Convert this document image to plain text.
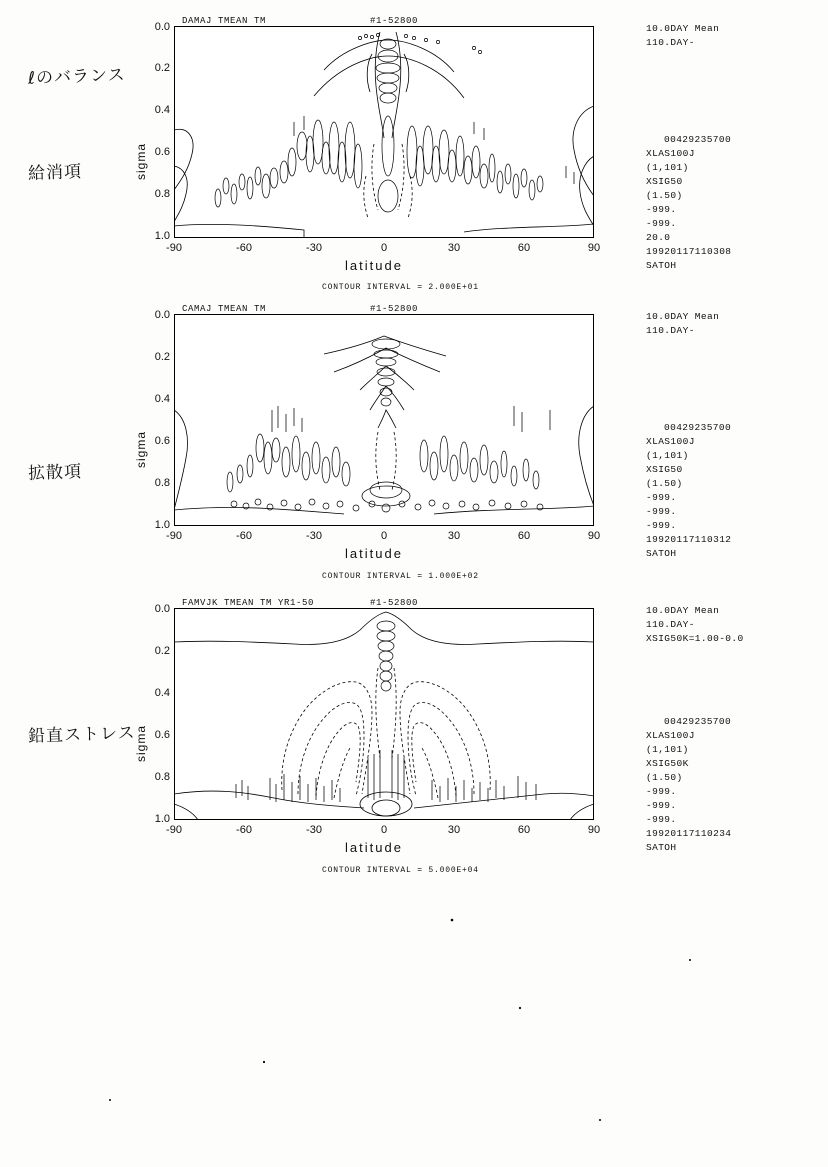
ℓのバランス
給消項
DAMAJ TMEAN TM	#1-52800
0.0
0.2
0.4
0.6
0.8
1.0
sigma
-90	-60	-30	0	30	60	90
latitude
CONTOUR INTERVAL = 2.000E+01
10.0DAY Mean
110.DAY-
00429235700
XLAS100J
(1,101)
XSIG50
(1.50)
-999.
-999.
20.0
19920117110308
SATOH
拡散項
CAMAJ TMEAN TM	#1-52800
0.0
0.2
0.4
0.6
0.8
1.0
sigma
-90	-60	-30	0	30	60	90
latitude
CONTOUR INTERVAL = 1.000E+02
10.0DAY Mean
110.DAY-
00429235700
XLAS100J
(1,101)
XSIG50
(1.50)
-999.
-999.
-999.
19920117110312
SATOH
鉛直ストレス
FAMVJK TMEAN TM YR1-50	#1-52800
0.0
0.2
0.4
0.6
0.8
1.0
sigma
-90	-60	-30	0	30	60	90
latitude
CONTOUR INTERVAL = 5.000E+04
10.0DAY Mean
110.DAY-
XSIG50K=1.00-0.0
00429235700
XLAS100J
(1,101)
XSIG50K
(1.50)
-999.
-999.
-999.
19920117110234
SATOH
